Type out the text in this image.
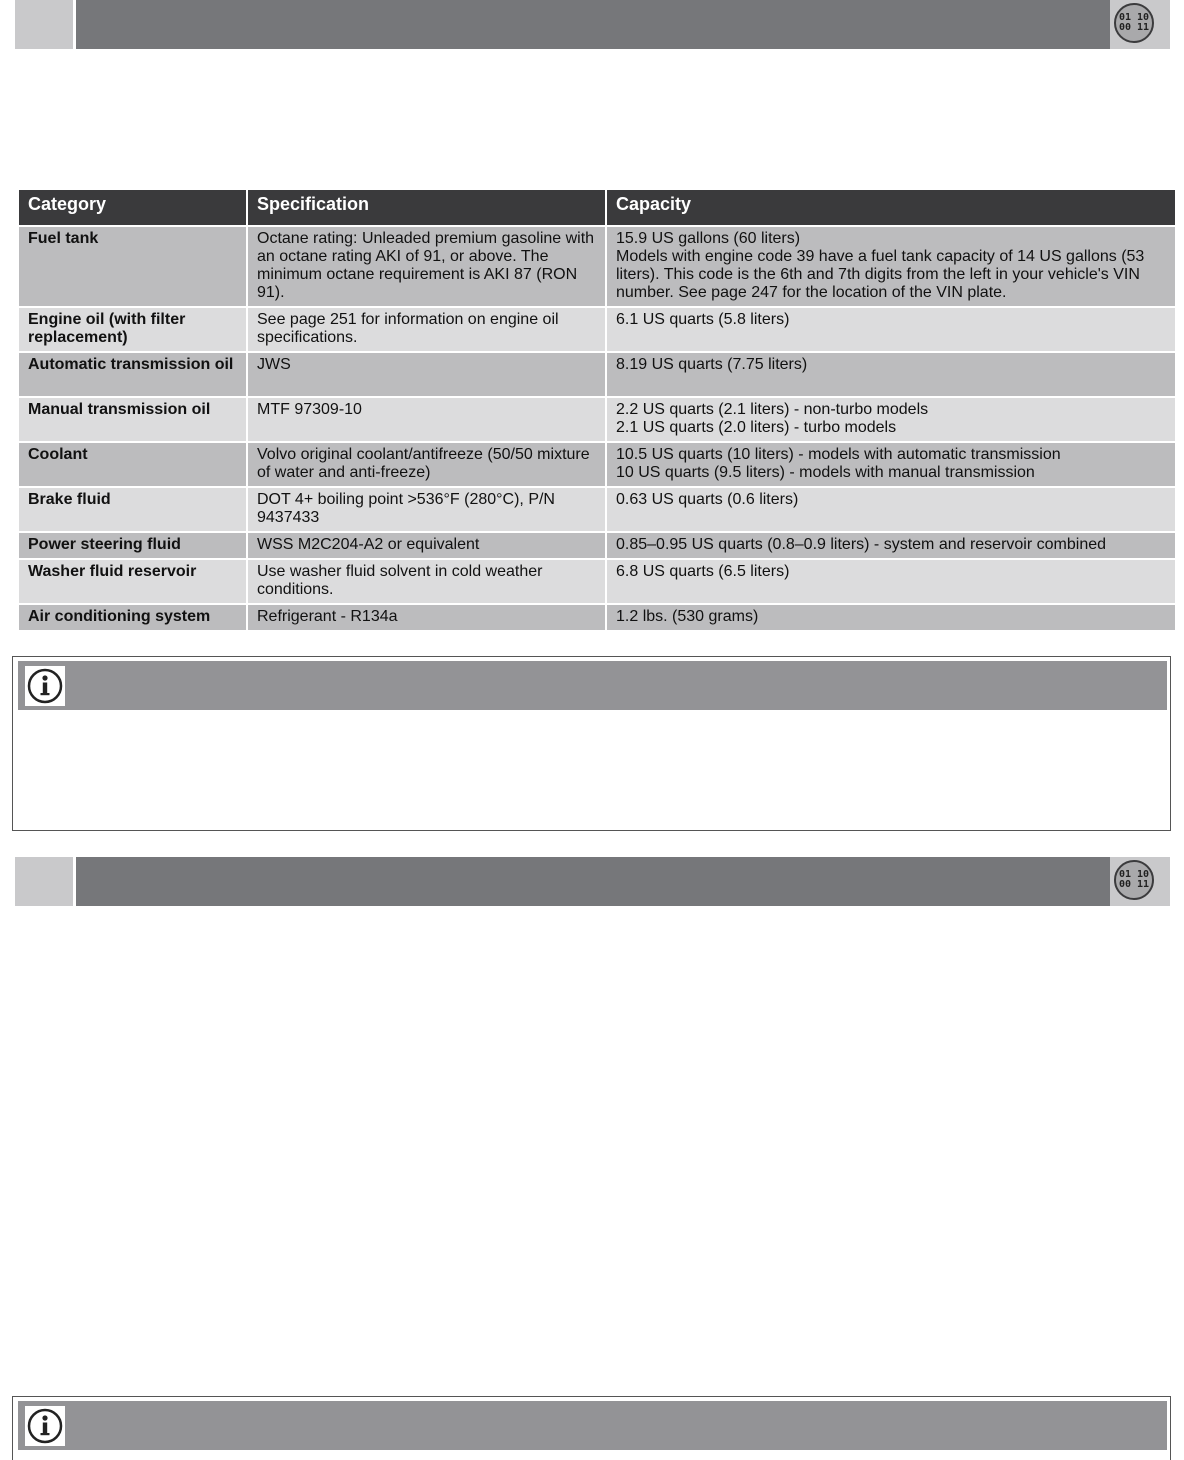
01 10
00 11
Category	Specification	Capacity
Fuel tank	Octane rating: Unleaded premium gasoline with an octane rating AKI of 91, or above. The minimum octane requirement is AKI 87 (RON 91).	15.9 US gallons (60 liters)
Models with engine code 39 have a fuel tank capacity of 14 US gallons (53 liters). This code is the 6th and 7th digits from the left in your vehicle's VIN number. See page 247 for the location of the VIN plate.
Engine oil (with filter replacement)	See page 251 for information on engine oil specifications.	6.1 US quarts (5.8 liters)
Automatic transmission oil	JWS	8.19 US quarts (7.75 liters)
Manual transmission oil	MTF 97309-10	2.2 US quarts (2.1 liters) - non-turbo models
2.1 US quarts (2.0 liters) - turbo models
Coolant	Volvo original coolant/antifreeze (50/50 mixture of water and anti-freeze)	10.5 US quarts (10 liters) - models with automatic transmission
10 US quarts (9.5 liters) - models with manual transmission
Brake fluid	DOT 4+ boiling point >536°F (280°C), P/N 9437433	0.63 US quarts (0.6 liters)
Power steering fluid	WSS M2C204-A2 or equivalent	0.85–0.95 US quarts (0.8–0.9 liters) - system and reservoir combined
Washer fluid reservoir	Use washer fluid solvent in cold weather conditions.	6.8 US quarts (6.5 liters)
Air conditioning system	Refrigerant - R134a	1.2 lbs. (530 grams)
01 10
00 11
